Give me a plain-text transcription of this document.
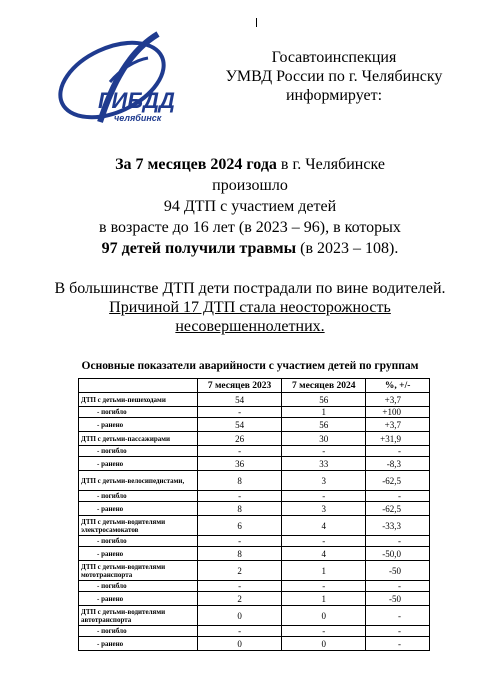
ГИБДД
челябинск
Госавтоинспекция
УМВД России по г. Челябинску
информирует:
За 7 месяцев 2024 года в г. Челябинске
произошло
94 ДТП с участием детей
в возрасте до 16 лет (в 2023 – 96), в которых
97 детей получили травмы (в 2023 – 108).
В большинстве ДТП дети пострадали по вине водителей. Причиной 17 ДТП стала неосторожность несовершеннолетних.
Основные показатели аварийности с участием детей по группам
	7 месяцев 2023	7 месяцев 2024	%, +/-
ДТП с детьми-пешеходами	54	56	+3,7
- погибло	-	1	+100
- ранено	54	56	+3,7
ДТП с детьми-пассажирами	26	30	+31,9
- погибло	-	-	-
- ранено	36	33	-8,3
ДТП с детьми-велосипедистами,	8	3	-62,5
- погибло	-	-	-
- ранено	8	3	-62,5
ДТП с детьми-водителями электросамокатов	6	4	-33,3
- погибло	-	-	-
- ранено	8	4	-50,0
ДТП с детьми-водителями мототранспорта	2	1	-50
- погибло	-	-	-
- ранено	2	1	-50
ДТП с детьми-водителями автотранспорта	0	0	-
- погибло	-	-	-
- ранено	0	0	-
